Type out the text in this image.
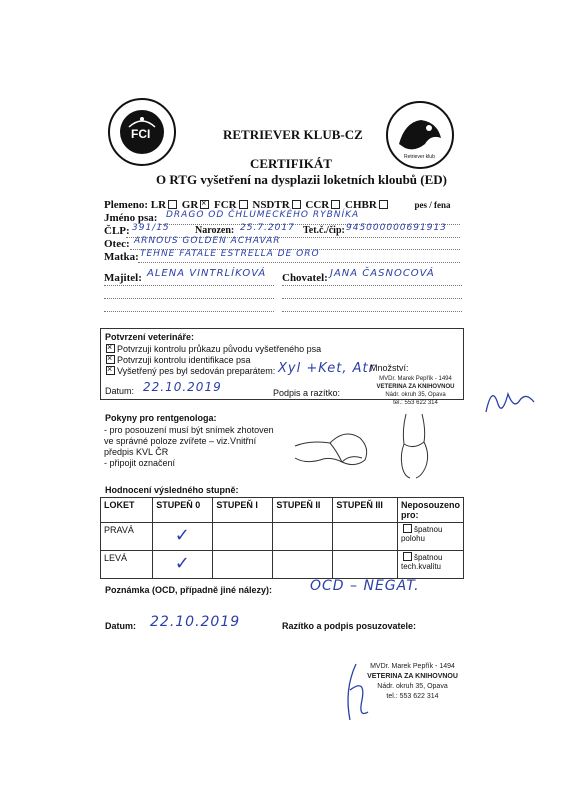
FCI
Retriever klub
RETRIEVER KLUB-CZ
CERTIFIKÁT
O RTG vyšetření na dysplazii loketních kloubů (ED)
Plemeno: LR GR × FCR NSDTR CCR CHBR	pes / fena
Jméno psa: DRAGO OD ČHLUMECKÉHO RYBNÍKA
ČLP: 391/15	Narozen: 25.7.2017 Tet.č./čip: 945000000691913
Otec: ARNOUS GOLDEN ACHAVAR
Matka: TEHNE FATALE ESTRELLA DE ORO
Majitel: ALENA VINTRLÍKOVÁ Chovatel: JANA ČASNOCOVÁ
Potvrzení veterináře:
×Potvrzuji kontrolu průkazu původu vyšetřeného psa
×Potvrzuji kontrolu identifikace psa
×Vyšetřený pes byl sedován preparátem: Xyl +Ket, Atr
Množství:
Datum: 22.10.2019	Podpis a razítko:
MVDr. Marek Pepřík - 1494
VETERINA ZA KNIHOVNOU
Nádr. okruh 35, Opava
tel.: 553 622 314
Pokyny pro rentgenologa:
- pro posouzení musí být snímek zhotoven
ve správné poloze zvířete – viz.Vnitřní
předpis KVL ČR
- připojit označení
Hodnocení výsledného stupně:
LOKET	STUPEŇ 0	STUPEŇ I	STUPEŇ II	STUPEŇ III	Neposouzeno pro:
PRAVÁ	✓				špatnou polohu
LEVÁ	✓				špatnou tech.kvalitu
Poznámka (OCD, případně jiné nálezy):	OCD – NEGAT.
Datum: 22.10.2019	Razítko a podpis posuzovatele:
MVDr. Marek Pepřík - 1494
VETERINA ZA KNIHOVNOU
Nádr. okruh 35, Opava
tel.: 553 622 314
